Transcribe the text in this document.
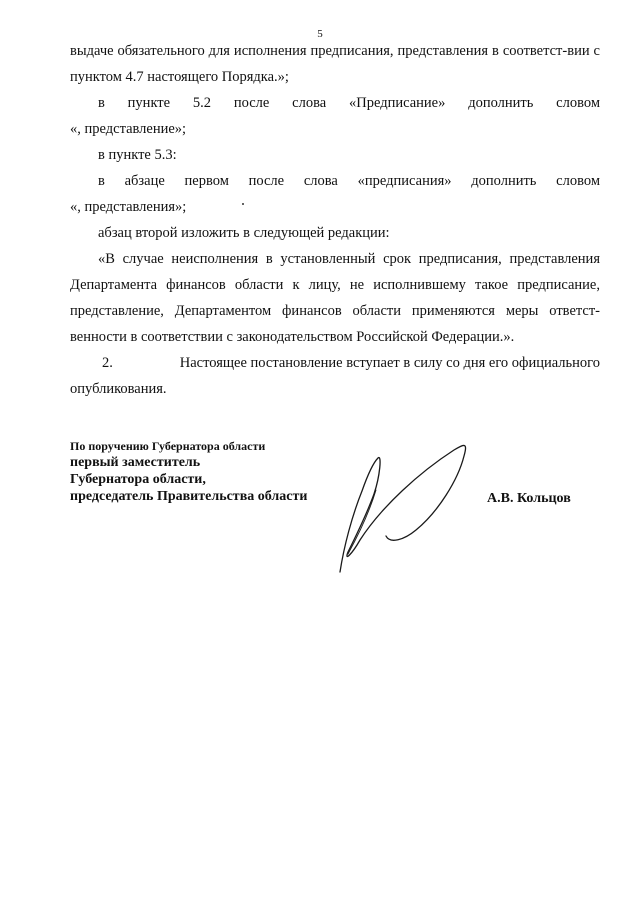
5

выдаче обязательного для исполнения предписания, представления в соответст-вии с пунктом 4.7 настоящего Порядка.»;

в пункте 5.2 после слова «Предписание» дополнить словом

«, представление»;

в пункте 5.3:

в абзаце первом после слова «предписания» дополнить словом

«, представления»;

абзац второй изложить в следующей редакции:

«В случае неисполнения в установленный срок предписания, представления Департамента финансов области к лицу, не исполнившему такое предписание, представление, Департаментом финансов области применяются меры ответст-венности в соответствии с законодательством Российской Федерации.».

2.	Настоящее постановление вступает в силу со дня его официального

опубликования.

По поручению Губернатора области
первый заместитель
Губернатора области,
председатель Правительства области	А.В. Кольцов
